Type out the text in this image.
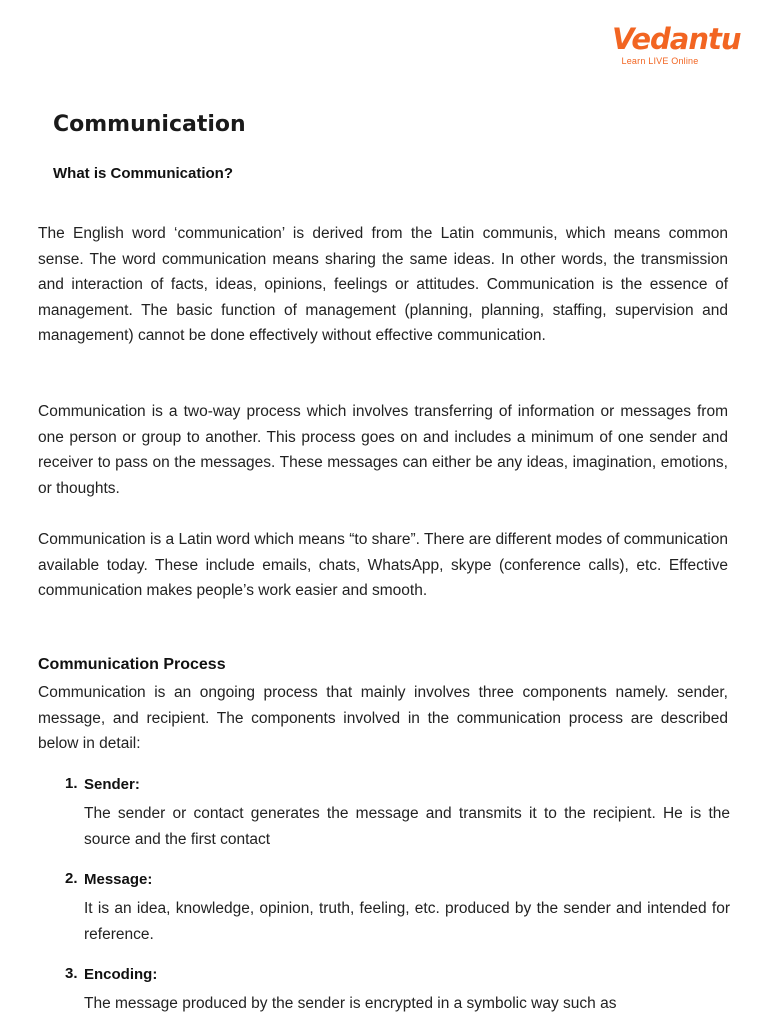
Vedantu
Learn LIVE Online
Communication
What is Communication?

The English word ‘communication’ is derived from the Latin communis, which means common sense. The word communication means sharing the same ideas. In other words, the transmission and interaction of facts, ideas, opinions, feelings or attitudes. Communication is the essence of management. The basic function of management (planning, planning, staffing, supervision and management) cannot be done effectively without effective communication.

Communication is a two-way process which involves transferring of information or messages from one person or group to another. This process goes on and includes a minimum of one sender and receiver to pass on the messages. These messages can either be any ideas, imagination, emotions, or thoughts.

Communication is a Latin word which means “to share”. There are different modes of communication available today. These include emails, chats, WhatsApp, skype (conference calls), etc. Effective communication makes people’s work easier and smooth.

Communication Process

Communication is an ongoing process that mainly involves three components namely. sender, message, and recipient. The components involved in the communication process are described below in detail:

1. Sender:

The sender or contact generates the message and transmits it to the recipient. He is the source and the first contact

2. Message:

It is an idea, knowledge, opinion, truth, feeling, etc. produced by the sender and intended for reference.

3. Encoding:

The message produced by the sender is encrypted in a symbolic way such as
